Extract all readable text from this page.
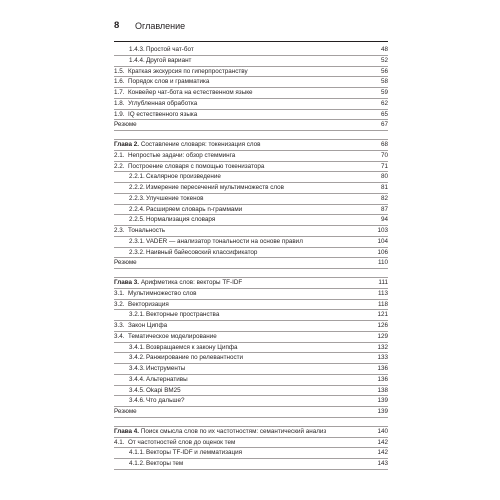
8 Оглавление
1.4.3. Простой чат-бот	48
1.4.4. Другой вариант	52
1.5. Краткая экскурсия по гиперпространству	56
1.6. Порядок слов и грамматика	58
1.7. Конвейер чат-бота на естественном языке	59
1.8. Углубленная обработка	62
1.9. IQ естественного языка	65
Резюме	67
Глава 2. Составление словаря: токенизация слов	68
2.1. Непростые задачи: обзор стемминга	70
2.2. Построение словаря с помощью токенизатора	71
2.2.1. Скалярное произведение	80
2.2.2. Измерение пересечений мультимножеств слов	81
2.2.3. Улучшение токенов	82
2.2.4. Расширяем словарь n-граммами	87
2.2.5. Нормализация словаря	94
2.3. Тональность	103
2.3.1. VADER — анализатор тональности на основе правил	104
2.3.2. Наивный байесовский классификатор	106
Резюме	110
Глава 3. Арифметика слов: векторы TF-IDF	111
3.1. Мультимножество слов	113
3.2. Векторизация	118
3.2.1. Векторные пространства	121
3.3. Закон Ципфа	126
3.4. Тематическое моделирование	129
3.4.1. Возвращаемся к закону Ципфа	132
3.4.2. Ранжирование по релевантности	133
3.4.3. Инструменты	136
3.4.4. Альтернативы	136
3.4.5. Okapi BM25	138
3.4.6. Что дальше?	139
Резюме	139
Глава 4. Поиск смысла слов по их частотностям: семантический анализ	140
4.1. От частотностей слов до оценок тем	142
4.1.1. Векторы TF-IDF и лемматизация	142
4.1.2. Векторы тем	143
